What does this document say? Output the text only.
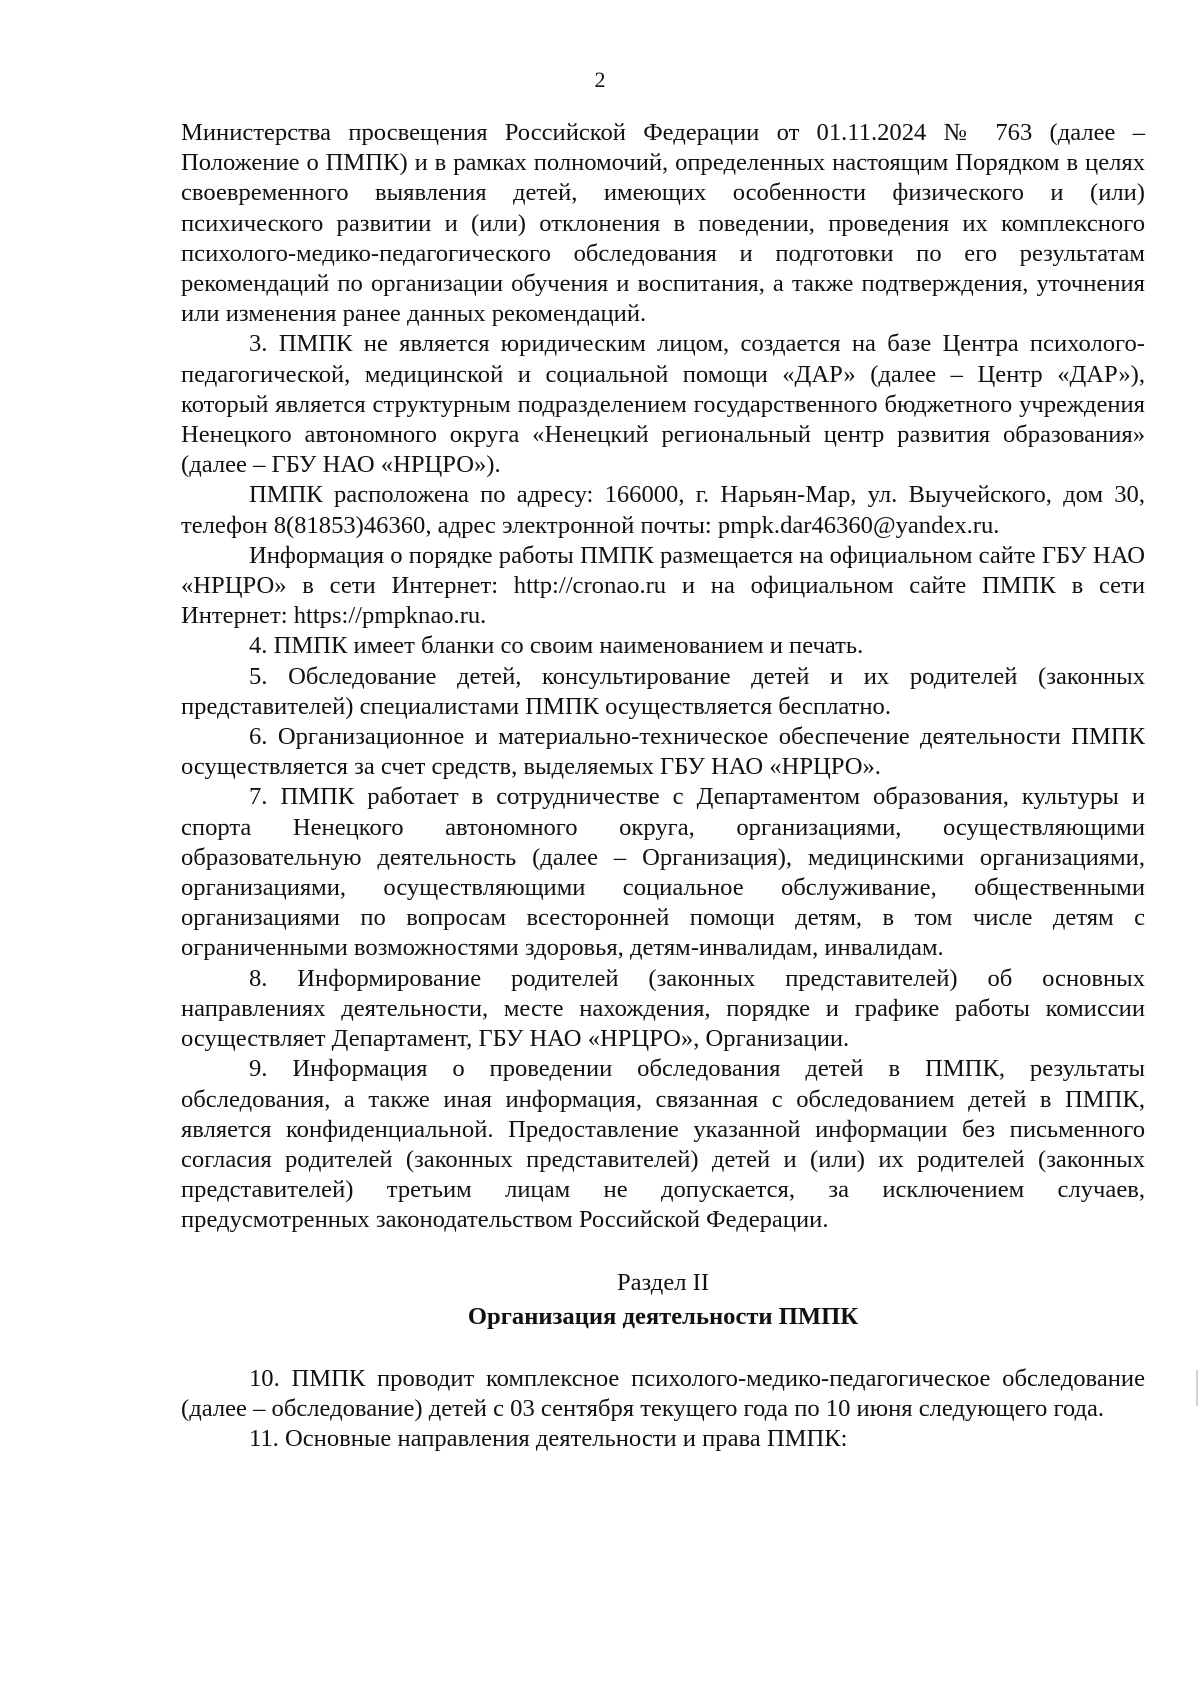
2

Министерства просвещения Российской Федерации от 01.11.2024 № 763 (далее – Положение о ПМПК) и в рамках полномочий, определенных настоящим Порядком в целях своевременного выявления детей, имеющих особенности физического и (или) психического развитии и (или) отклонения в поведении, проведения их комплексного психолого-медико-педагогического обследования и подготовки по его результатам рекомендаций по организации обучения и воспитания, а также подтверждения, уточнения или изменения ранее данных рекомендаций.

3. ПМПК не является юридическим лицом, создается на базе Центра психолого-педагогической, медицинской и социальной помощи «ДАР» (далее – Центр «ДАР»), который является структурным подразделением государственного бюджетного учреждения Ненецкого автономного округа «Ненецкий региональный центр развития образования» (далее – ГБУ НАО «НРЦРО»).

ПМПК расположена по адресу: 166000, г. Нарьян-Мар, ул. Выучейского, дом 30, телефон 8(81853)46360, адрес электронной почты: pmpk.dar46360@yandex.ru.

Информация о порядке работы ПМПК размещается на официальном сайте ГБУ НАО «НРЦРО» в сети Интернет: http://cronao.ru и на официальном сайте ПМПК в сети Интернет: https://pmpknao.ru.

4. ПМПК имеет бланки со своим наименованием и печать.

5. Обследование детей, консультирование детей и их родителей (законных представителей) специалистами ПМПК осуществляется бесплатно.

6. Организационное и материально-техническое обеспечение деятельности ПМПК осуществляется за счет средств, выделяемых ГБУ НАО «НРЦРО».

7. ПМПК работает в сотрудничестве с Департаментом образования, культуры и спорта Ненецкого автономного округа, организациями, осуществляющими образовательную деятельность (далее – Организация), медицинскими организациями, организациями, осуществляющими социальное обслуживание, общественными организациями по вопросам всесторонней помощи детям, в том числе детям с ограниченными возможностями здоровья, детям-инвалидам, инвалидам.

8. Информирование родителей (законных представителей) об основных направлениях деятельности, месте нахождения, порядке и графике работы комиссии осуществляет Департамент, ГБУ НАО «НРЦРО», Организации.

9. Информация о проведении обследования детей в ПМПК, результаты обследования, а также иная информация, связанная с обследованием детей в ПМПК, является конфиденциальной. Предоставление указанной информации без письменного согласия родителей (законных представителей) детей и (или) их родителей (законных представителей) третьим лицам не допускается, за исключением случаев, предусмотренных законодательством Российской Федерации.

Раздел II
Организация деятельности ПМПК

10. ПМПК проводит комплексное психолого-медико-педагогическое обследование (далее – обследование) детей с 03 сентября текущего года по 10 июня следующего года.

11. Основные направления деятельности и права ПМПК:
